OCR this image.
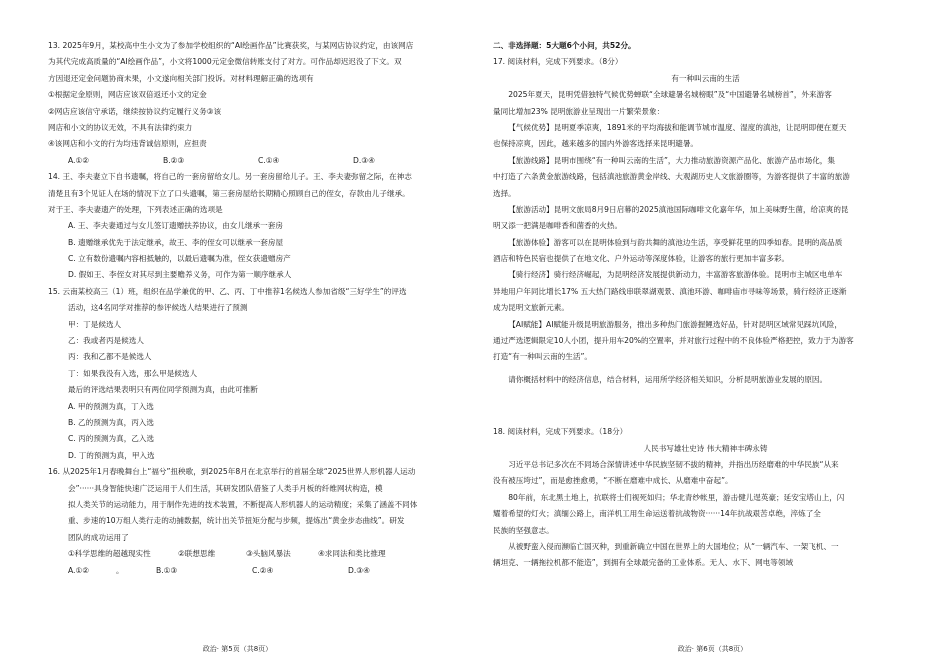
13. 2025年9月，某校高中生小文为了参加学校组织的“AI绘画作品”比赛获奖，与某网店协议约定，由该网店
为其代完成高质量的“AI绘画作品”，小文将1000元定金微信转账支付了对方。可作品却迟迟没了下文。双
方因退还定金问题协商未果，小文遂向相关部门投诉。对材料理解正确的选项有
①根据定金原则，网店应该双倍返还小文的定金
②网店应该信守承诺，继续按协议约定履行义务③该
网店和小文的协议无效，不具有法律约束力
④该网店和小文的行为均违背诚信原则，应担责
A.①②	B.②③	C.①④	D.③④
14. 王、李夫妻立下自书遗嘱，将自己的一套房留给女儿。另一套房留给儿子。王、李夫妻弥留之际，在神志
清楚且有3个见证人在场的情况下立了口头遗嘱，第三套房屋给长期精心照顾自己的侄女，存款由儿子继承。
对于王、李夫妻遗产的处理，下列表述正确的选项是
A. 王、李夫妻通过与女儿签订遗赠扶养协议，由女儿继承一套房
B. 遗赠继承优先于法定继承，故王、李的侄女可以继承一套房屋
C. 立有数份遗嘱内容相抵触的，以最后遗嘱为准，侄女获遗赠房产
D. 假如王、李侄女对其尽到主要赡养义务，可作为第一顺序继承人
15. 云南某校高三（1）班，组织在品学兼优的甲、乙、丙、丁中推荐1名候选人参加省级“三好学生”的评选
活动，这4名同学对推荐的参评候选人结果进行了预测
甲：丁是候选人
乙：我或者丙是候选人
丙：我和乙都不是候选人
丁：如果我没有入选，那么甲是候选人
最后的评选结果表明只有两位同学预测为真，由此可推断
A. 甲的预测为真，丁入选
B. 乙的预测为真，丙入选
C. 丙的预测为真，乙入选
D. 丁的预测为真，甲入选
16. 从2025年1月春晚舞台上“福兮”扭秧歌，到2025年8月在北京举行的首届全球“2025世界人形机器人运动
会”······具身智能快速广泛运用于人们生活，其研发团队借鉴了人类手月板的纤维网状构造，模
拟人类关节的运动能力，用于制作先进的技术装置，不断提高人形机器人的运动精度；采集了涵盖不同体
重、步速的10万组人类行走的动捕数据，统计出关节扭矩分配与步频，提炼出“黄金步态曲线”。研发
团队的成功运用了
①科学思维的超越现实性	②联想思维	③头脑风暴法	④求同法和类比推理
A.①②	。	B.①③	C.②④	D.③④
政治· 第5页（共8页）
二、非选择题：5大题6个小问，共52分。
17. 阅读材料，完成下列要求。（8分）
有一种叫云南的生活
2025年夏天，昆明凭借独特气候优势蝉联“全球避暑名城榜眼”及“中国避暑名城榜首”，外来游客
量同比增加23% 昆明旅游业呈现出一片繁荣景象：
【气候优势】昆明夏季凉爽，1891米的平均海拔和能调节城市温度、湿度的滇池，让昆明即便在夏天
也保持凉爽，因此，越来越多的国内外游客选择来昆明避暑。
【旅游线路】昆明市围绕“有一种叫云南的生活”，大力推动旅游资源产品化、旅游产品市场化，集
中打造了六条黄金旅游线路，包括滇池旅游黄金岸线、大观湖历史人文旅游圈等，为游客提供了丰富的旅游
选择。
【旅游活动】昆明文旅局8月9日启幕的2025滇池国际咖啡文化嘉年华，加上美味野生菌，给凉爽的昆
明又添一把满是咖啡香和菌香的火热。
【旅游体验】游客可以在昆明体验到与韵共舞的滇池边生活，享受鲜花里的四季如春。昆明的高品质
酒店和特色民宿也提供了在地文化、户外运动等深度体验，让游客的旅行更加丰富多彩。
【骑行经济】骑行经济崛起，为昆明经济发展提供新动力，丰富游客旅游体验。昆明市主城区电单车
异地用户年同比增长17% 五大热门路线串联翠湖观景、滇池环游、咖啡庙市寻味等场景，骑行经济正逐渐
成为昆明文旅新元素。
【AI赋能】AI赋能升级昆明旅游服务，推出多种热门旅游握鲤选好品，针对昆明区域常见踩坑风险，
通过严选逻辑限定10人小团，提升用车20%的空置率，并对旅行过程中的不良体验严格把控，致力于为游客
打造“有一种叫云南的生活”。
请你概括材料中的经济信息，结合材料，运用所学经济相关知识，分析昆明旅游业发展的原因。
18. 阅读材料，完成下列要求。（18分）
人民书写雄壮史诗 伟大精神丰碑永铸
习近平总书记多次在不同场合深情讲述中华民族坚韧不拔的精神，并指出历经磨难的中华民族“从来
没有被压垮过”，而是愈挫愈勇，“不断在磨难中成长、从磨难中奋起”。
80年前，东北黑土地上，抗联将士们视死如归；华北青纱帐里，游击健儿逞英豪；延安宝塔山上，闪
耀着希望的灯火；滇缅公路上，南洋机工用生命运送着抗战物资······14年抗战艰苦卓绝，淬炼了全
民族的坚强意志。
从被野蛮入侵而濒临亡国灭种，到重新确立中国在世界上的大国地位；从“一辆汽车、一架飞机、一
辆坦克、一辆拖拉机都不能造”，到拥有全球最完备的工业体系。无人、水下、网电等领域
政治· 第6页（共8页）
